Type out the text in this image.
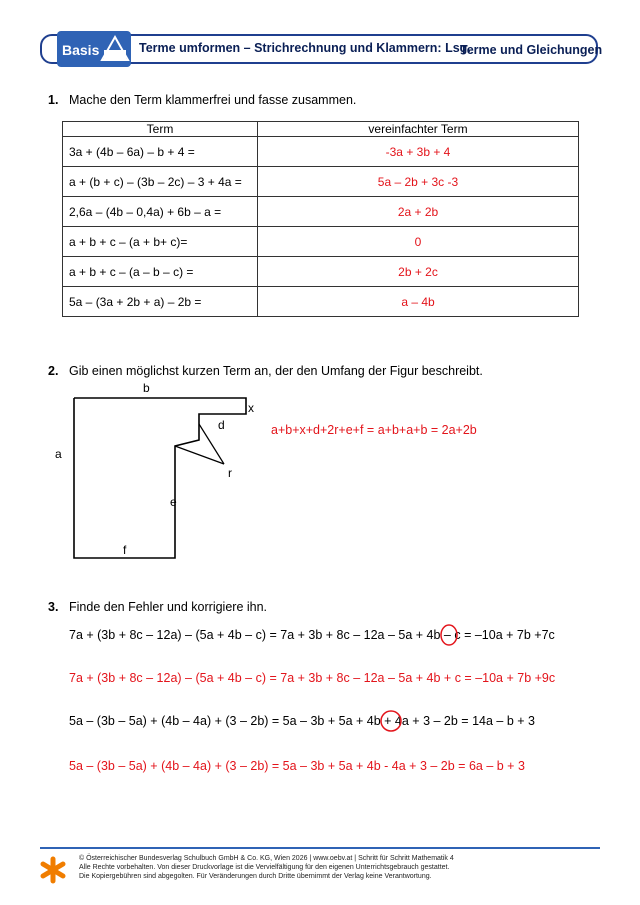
Basis	Terme umformen – Strichrechnung und Klammern: Lsg.
Terme und Gleichungen
1. Mache den Term klammerfrei und fasse zusammen.
Term	vereinfachter Term
3a + (4b – 6a) – b + 4 =	-3a + 3b + 4
a + (b + c) – (3b – 2c) – 3 + 4a =	5a – 2b + 3c -3
2,6a – (4b – 0,4a) + 6b – a =	2a + 2b
a + b + c – (a + b+ c)=	0
a + b + c – (a – b – c) =	2b + 2c
5a – (3a + 2b + a) – 2b =	a – 4b
2. Gib einen möglichst kurzen Term an, der den Umfang der Figur beschreibt.
b
x
d
r
a
e
f
a+b+x+d+2r+e+f = a+b+a+b = 2a+2b
3. Finde den Fehler und korrigiere ihn.
7a + (3b + 8c – 12a) – (5a + 4b – c) = 7a + 3b + 8c – 12a – 5a + 4b – c = –10a + 7b +7c
7a + (3b + 8c – 12a) – (5a + 4b – c) = 7a + 3b + 8c – 12a – 5a + 4b + c = –10a + 7b +9c
5a – (3b – 5a) + (4b – 4a) + (3 – 2b) = 5a – 3b + 5a + 4b + 4a + 3 – 2b = 14a – b + 3
5a – (3b – 5a) + (4b – 4a) + (3 – 2b) = 5a – 3b + 5a + 4b - 4a + 3 – 2b = 6a – b + 3
© Österreichischer Bundesverlag Schulbuch GmbH & Co. KG, Wien 2026 | www.oebv.at | Schritt für Schritt Mathematik 4
Alle Rechte vorbehalten. Von dieser Druckvorlage ist die Vervielfältigung für den eigenen Unterrichtsgebrauch gestattet.
Die Kopiergebühren sind abgegolten. Für Veränderungen durch Dritte übernimmt der Verlag keine Verantwortung.
